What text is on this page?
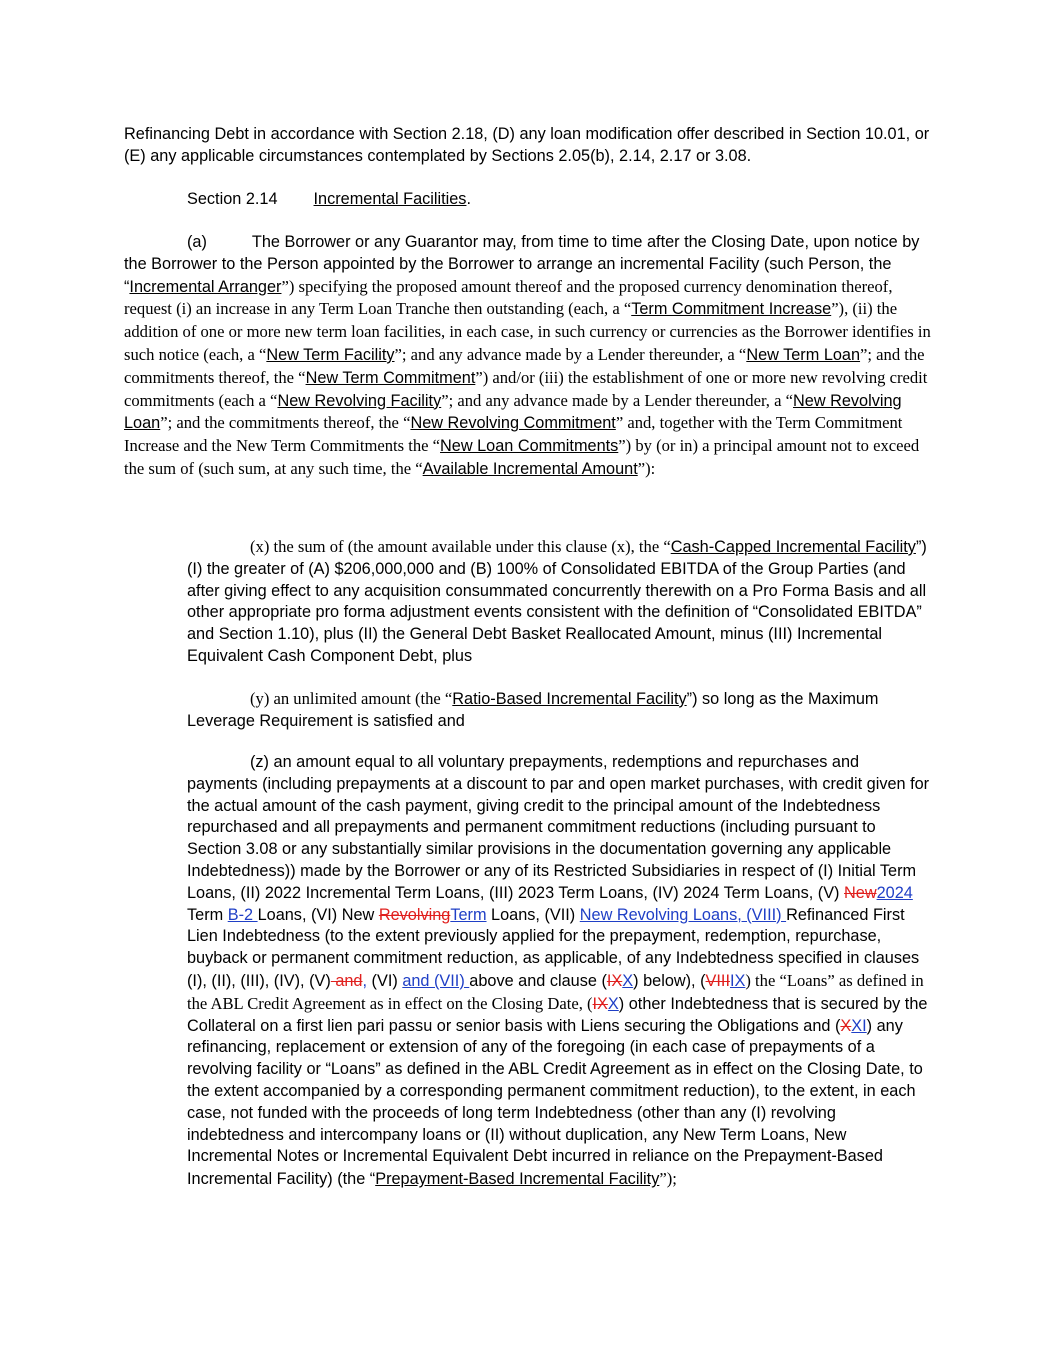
Refinancing Debt in accordance with Section 2.18, (D) any loan modification offer described in Section 10.01, or (E) any applicable circumstances contemplated by Sections 2.05(b), 2.14, 2.17 or 3.08.

Section 2.14 Incremental Facilities.

(a)	The Borrower or any Guarantor may, from time to time after the Closing Date, upon notice by the Borrower to the Person appointed by the Borrower to arrange an incremental Facility (such Person, the “Incremental Arranger”) specifying the proposed amount thereof and the proposed currency denomination thereof, request (i) an increase in any Term Loan Tranche then outstanding (each, a “Term Commitment Increase”), (ii) the addition of one or more new term loan facilities, in each case, in such currency or currencies as the Borrower identifies in such notice (each, a “New Term Facility”; and any advance made by a Lender thereunder, a “New Term Loan”; and the commitments thereof, the “New Term Commitment”) and/or (iii) the establishment of one or more new revolving credit commitments (each a “New Revolving Facility”; and any advance made by a Lender thereunder, a “New Revolving Loan”; and the commitments thereof, the “New Revolving Commitment” and, together with the Term Commitment Increase and the New Term Commitments the “New Loan Commitments”) by (or in) a principal amount not to exceed the sum of (such sum, at any such time, the “Available Incremental Amount”):

(x) the sum of (the amount available under this clause (x), the “Cash-Capped Incremental Facility”) (I) the greater of (A) $206,000,000 and (B) 100% of Consolidated EBITDA of the Group Parties (and after giving effect to any acquisition consummated concurrently therewith on a Pro Forma Basis and all other appropriate pro forma adjustment events consistent with the definition of “Consolidated EBITDA” and Section 1.10), plus (II) the General Debt Basket Reallocated Amount, minus (III) Incremental Equivalent Cash Component Debt, plus

(y) an unlimited amount (the “Ratio-Based Incremental Facility”) so long as the Maximum Leverage Requirement is satisfied and

(z) an amount equal to all voluntary prepayments, redemptions and repurchases and payments (including prepayments at a discount to par and open market purchases, with credit given for the actual amount of the cash payment, giving credit to the principal amount of the Indebtedness repurchased and all prepayments and permanent commitment reductions (including pursuant to Section 3.08 or any substantially similar provisions in the documentation governing any applicable Indebtedness)) made by the Borrower or any of its Restricted Subsidiaries in respect of (I) Initial Term Loans, (II) 2022 Incremental Term Loans, (III) 2023 Term Loans, (IV) 2024 Term Loans, (V) New2024 Term B-2 Loans, (VI) New RevolvingTerm Loans, (VII) New Revolving Loans, (VIII) Refinanced First Lien Indebtedness (to the extent previously applied for the prepayment, redemption, repurchase, buyback or permanent commitment reduction, as applicable, of any Indebtedness specified in clauses (I), (II), (III), (IV), (V) and, (VI) and (VII) above and clause (IXX) below), (VIIIIX) the “Loans” as defined in the ABL Credit Agreement as in effect on the Closing Date, (IXX) other Indebtedness that is secured by the Collateral on a first lien pari passu or senior basis with Liens securing the Obligations and (XXI) any refinancing, replacement or extension of any of the foregoing (in each case of prepayments of a revolving facility or “Loans” as defined in the ABL Credit Agreement as in effect on the Closing Date, to the extent accompanied by a corresponding permanent commitment reduction), to the extent, in each case, not funded with the proceeds of long term Indebtedness (other than any (I) revolving indebtedness and intercompany loans or (II) without duplication, any New Term Loans, New Incremental Notes or Incremental Equivalent Debt incurred in reliance on the Prepayment-Based Incremental Facility) (the “Prepayment-Based Incremental Facility”);
